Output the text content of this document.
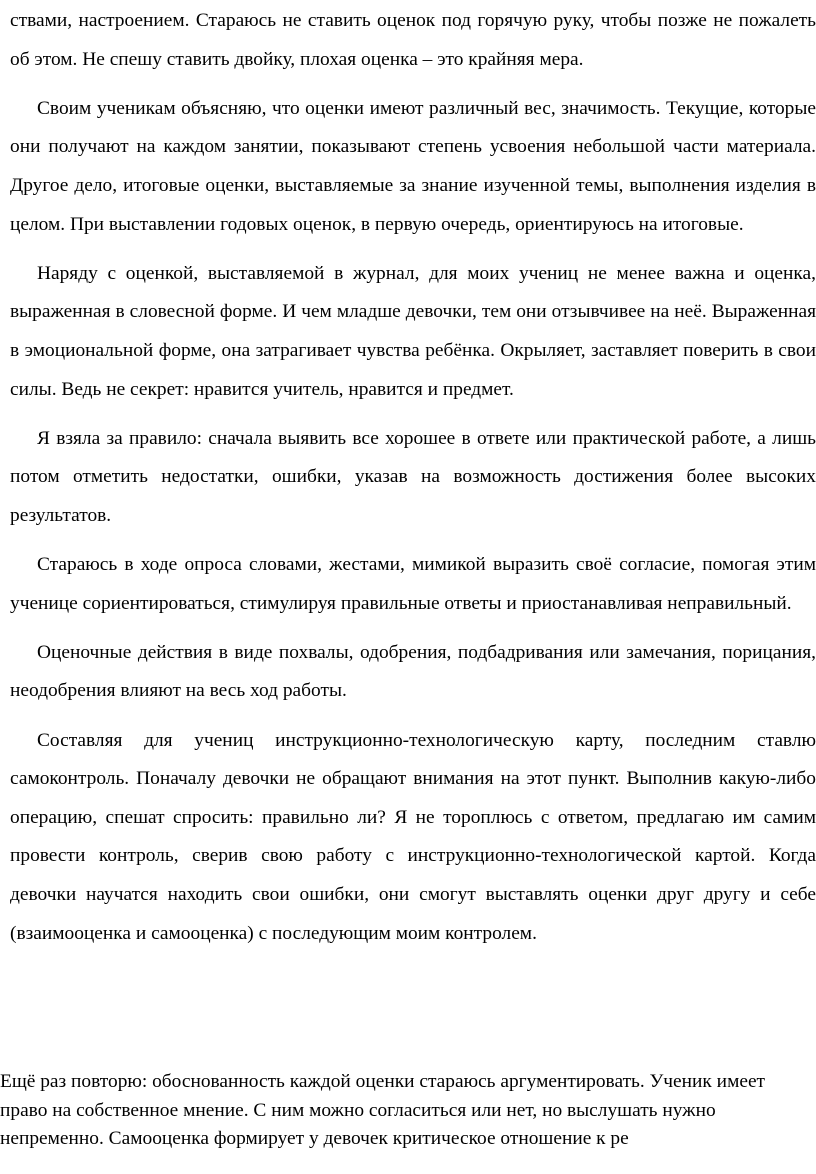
ствами, настроением. Стараюсь не ставить оценок под горячую руку, чтобы позже не пожалеть об этом. Не спешу ставить двойку, плохая оценка – это крайняя мера.

Своим ученикам объясняю, что оценки имеют различный вес, значимость. Текущие, которые они получают на каждом занятии, показывают степень усвоения небольшой части материала. Другое дело, итоговые оценки, выставляемые за знание изученной темы, выполнения изделия в целом. При выставлении годовых оценок, в первую очередь, ориентируюсь на итоговые.

Наряду с оценкой, выставляемой в журнал, для моих учениц не менее важна и оценка, выраженная в словесной форме. И чем младше девочки, тем они отзывчивее на неё. Выраженная в эмоциональной форме, она затрагивает чувства ребёнка. Окрыляет, заставляет поверить в свои силы. Ведь не секрет: нравится учитель, нравится и предмет.

Я взяла за правило: сначала выявить все хорошее в ответе или практической работе, а лишь потом отметить недостатки, ошибки, указав на возможность достижения более высоких результатов.

Стараюсь в ходе опроса словами, жестами, мимикой выразить своё согласие, помогая этим ученице сориентироваться, стимулируя правильные ответы и приостанавливая неправильный.

Оценочные действия в виде похвалы, одобрения, подбадривания или замечания, порицания, неодобрения влияют на весь ход работы.

Составляя для учениц инструкционно-технологическую карту, последним ставлю самоконтроль. Поначалу девочки не обращают внимания на этот пункт. Выполнив какую-либо операцию, спешат спросить: правильно ли? Я не тороплюсь с ответом, предлагаю им самим провести контроль, сверив свою работу с инструкционно-технологической картой. Когда девочки научатся находить свои ошибки, они смогут выставлять оценки друг другу и себе (взаимооценка и самооценка) с последующим моим контролем.

Ещё раз повторю: обоснованность каждой оценки стараюсь аргументировать. Ученик имеет право на собственное мнение. С ним можно согласиться или нет, но выслушать нужно непременно. Самооценка формирует у девочек критическое отношение к ре
